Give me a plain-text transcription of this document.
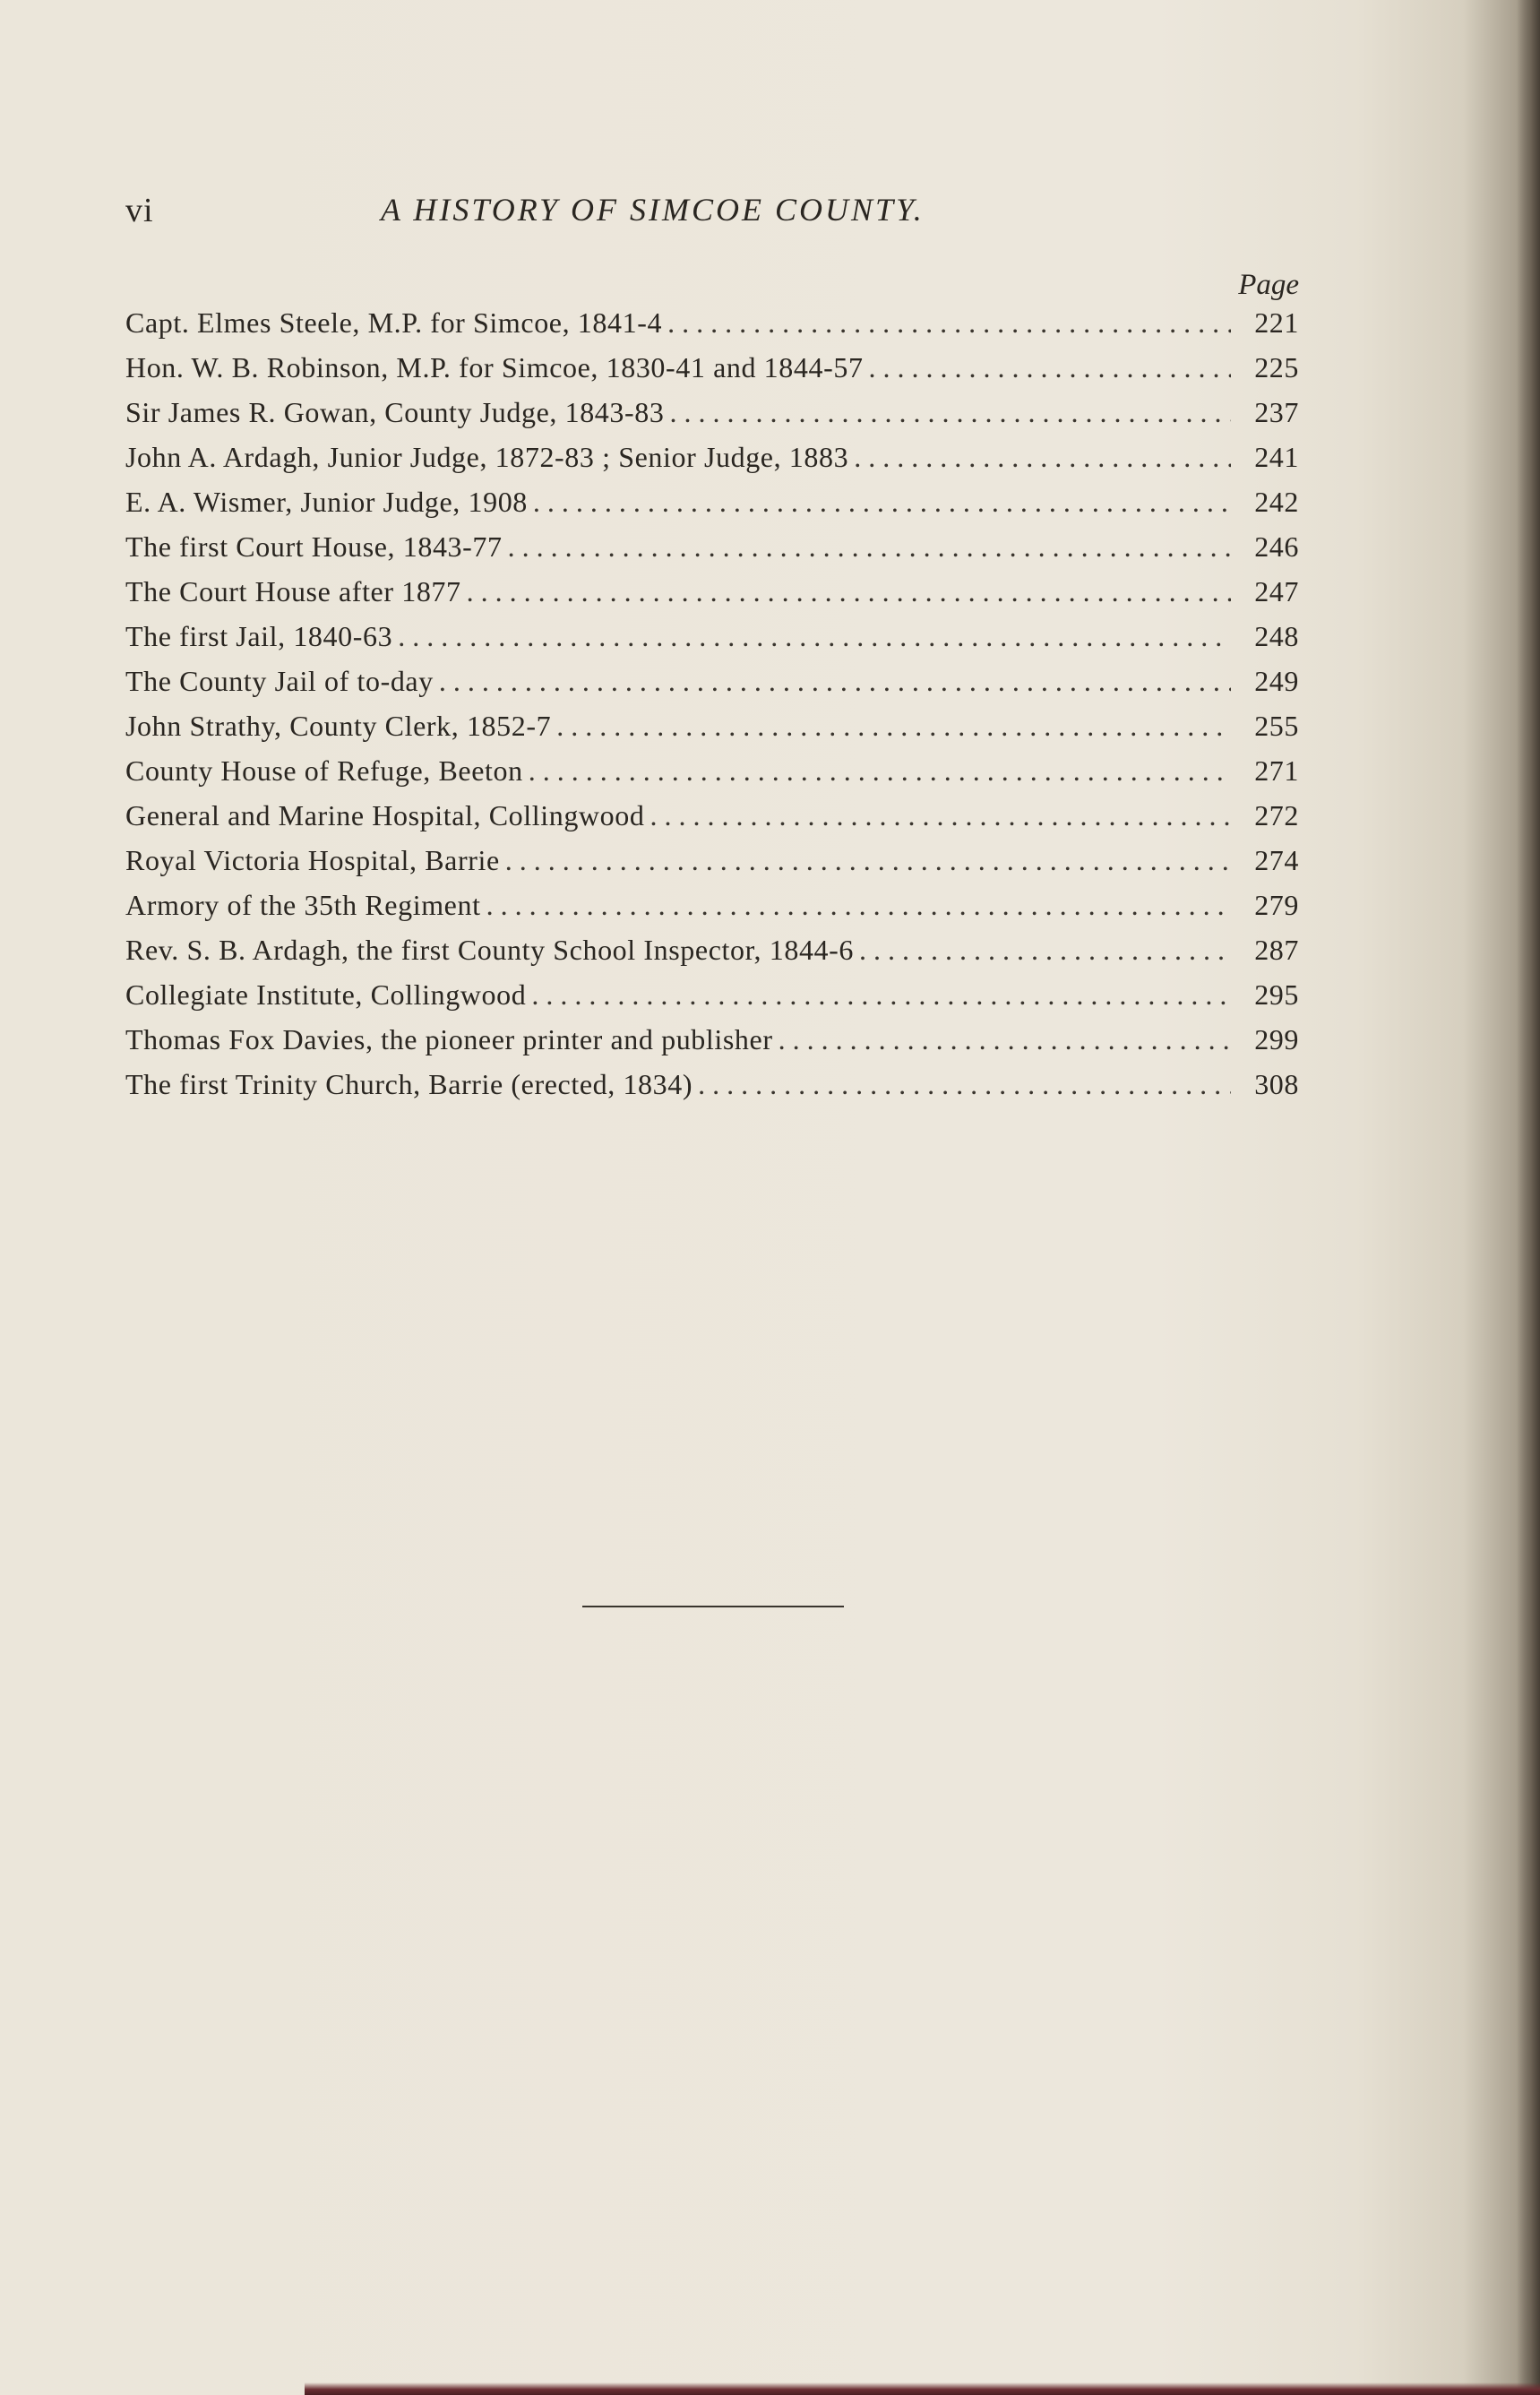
vi	A HISTORY OF SIMCOE COUNTY.
Page
Capt. Elmes Steele, M.P. for Simcoe, 1841-4 . . .	221
Hon. W. B. Robinson, M.P. for Simcoe, 1830-41 and 1844-57 . . .	225
Sir James R. Gowan, County Judge, 1843-83 . . .	237
John A. Ardagh, Junior Judge, 1872-83 ; Senior Judge, 1883 . . .	241
E. A. Wismer, Junior Judge, 1908 . . .	242
The first Court House, 1843-77 . . .	246
The Court House after 1877 . . .	247
The first Jail, 1840-63 . . .	248
The County Jail of to-day . . .	249
John Strathy, County Clerk, 1852-7 . . .	255
County House of Refuge, Beeton . . .	271
General and Marine Hospital, Collingwood . . .	272
Royal Victoria Hospital, Barrie . . .	274
Armory of the 35th Regiment . . .	279
Rev. S. B. Ardagh, the first County School Inspector, 1844-6 . . .	287
Collegiate Institute, Collingwood . . .	295
Thomas Fox Davies, the pioneer printer and publisher . . .	299
The first Trinity Church, Barrie (erected, 1834) . . .	308
